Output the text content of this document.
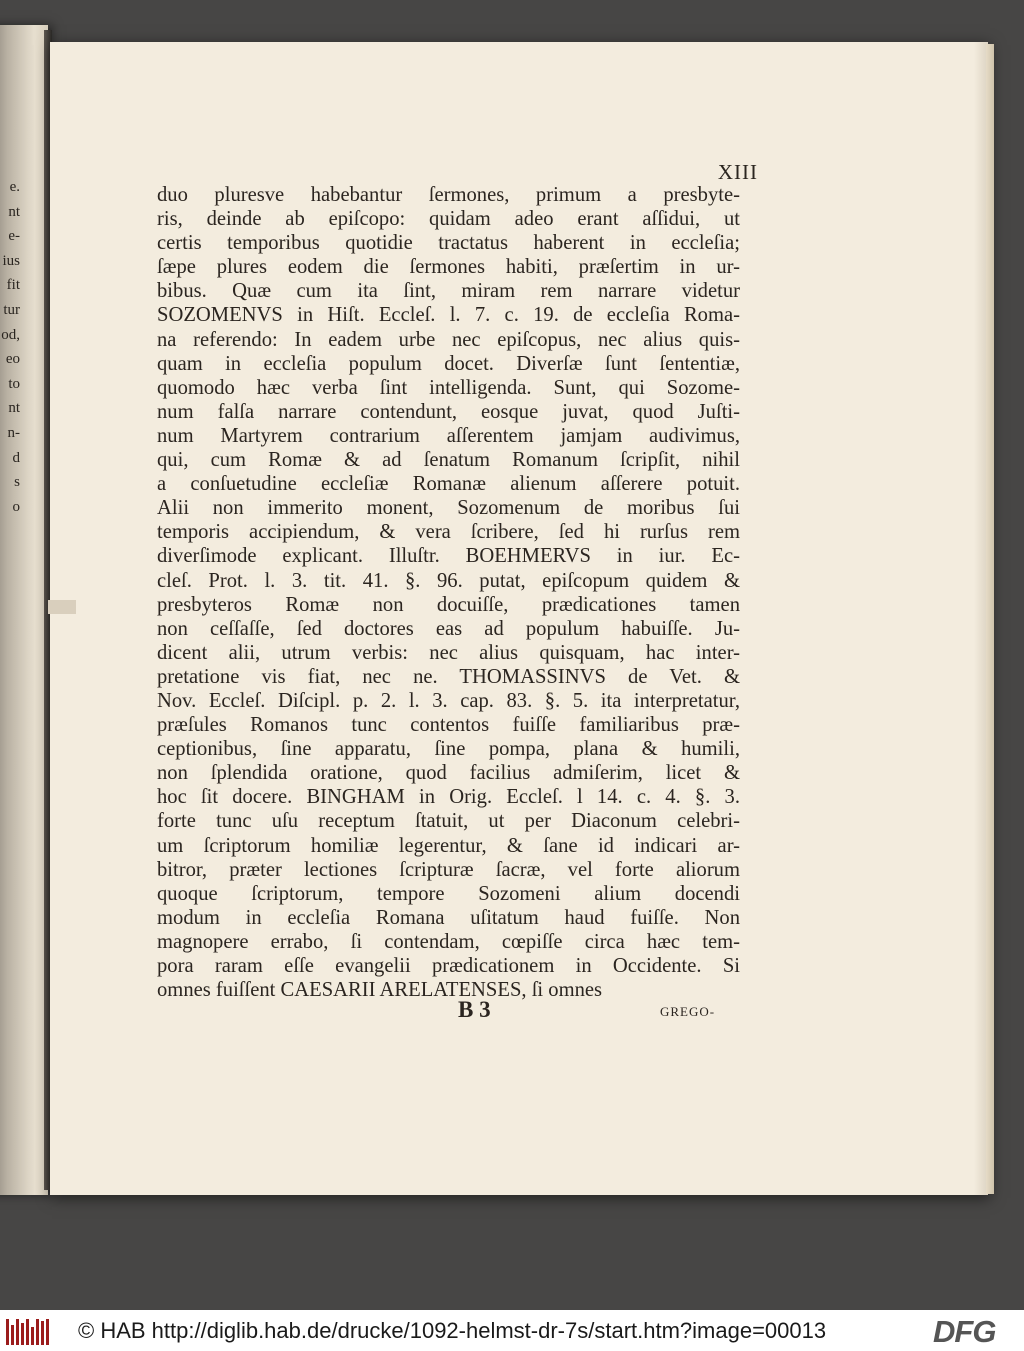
e.
nt
e-
ius
fit
tur
od,
eo
to
nt
n-
d
s
o
XIII
duo pluresve habebantur ſermones, primum a presbyte-
ris, deinde ab epiſcopo: quidam adeo erant aſſidui, ut
certis temporibus quotidie tractatus haberent in eccleſia;
ſæpe plures eodem die ſermones habiti, præſertim in ur-
bibus. Quæ cum ita ſint, miram rem narrare videtur
SOZOMENVS in Hiſt. Eccleſ. l. 7. c. 19. de eccleſia Roma-
na referendo: In eadem urbe nec epiſcopus, nec alius quis-
quam in eccleſia populum docet. Diverſæ ſunt ſententiæ,
quomodo hæc verba ſint intelligenda. Sunt, qui Sozome-
num falſa narrare contendunt, eosque juvat, quod Juſti-
num Martyrem contrarium aſſerentem jamjam audivimus,
qui, cum Romæ & ad ſenatum Romanum ſcripſit, nihil
a conſuetudine eccleſiæ Romanæ alienum aſſerere potuit.
Alii non immerito monent, Sozomenum de moribus ſui
temporis accipiendum, & vera ſcribere, ſed hi rurſus rem
diverſimode explicant. Illuſtr. BOEHMERVS in iur. Ec-
cleſ. Prot. l. 3. tit. 41. §. 96. putat, epiſcopum quidem &
presbyteros Romæ non docuiſſe, prædicationes tamen
non ceſſaſſe, ſed doctores eas ad populum habuiſſe. Ju-
dicent alii, utrum verbis: nec alius quisquam, hac inter-
pretatione vis fiat, nec ne. THOMASSINVS de Vet. &
Nov. Eccleſ. Diſcipl. p. 2. l. 3. cap. 83. §. 5. ita interpretatur,
præſules Romanos tunc contentos fuiſſe familiaribus præ-
ceptionibus, ſine apparatu, ſine pompa, plana & humili,
non ſplendida oratione, quod facilius admiſerim, licet &
hoc ſit docere. BINGHAM in Orig. Eccleſ. l 14. c. 4. §. 3.
forte tunc uſu receptum ſtatuit, ut per Diaconum celebri-
um ſcriptorum homiliæ legerentur, & ſane id indicari ar-
bitror, præter lectiones ſcripturæ ſacræ, vel forte aliorum
quoque ſcriptorum, tempore Sozomeni alium docendi
modum in eccleſia Romana uſitatum haud fuiſſe. Non
magnopere errabo, ſi contendam, cœpiſſe circa hæc tem-
pora raram eſſe evangelii prædicationem in Occidente. Si
omnes fuiſſent CAESARII ARELATENSES, ſi omnes
B 3	GREGO-
© HAB http://diglib.hab.de/drucke/1092-helmst-dr-7s/start.htm?image=00013	DFG
